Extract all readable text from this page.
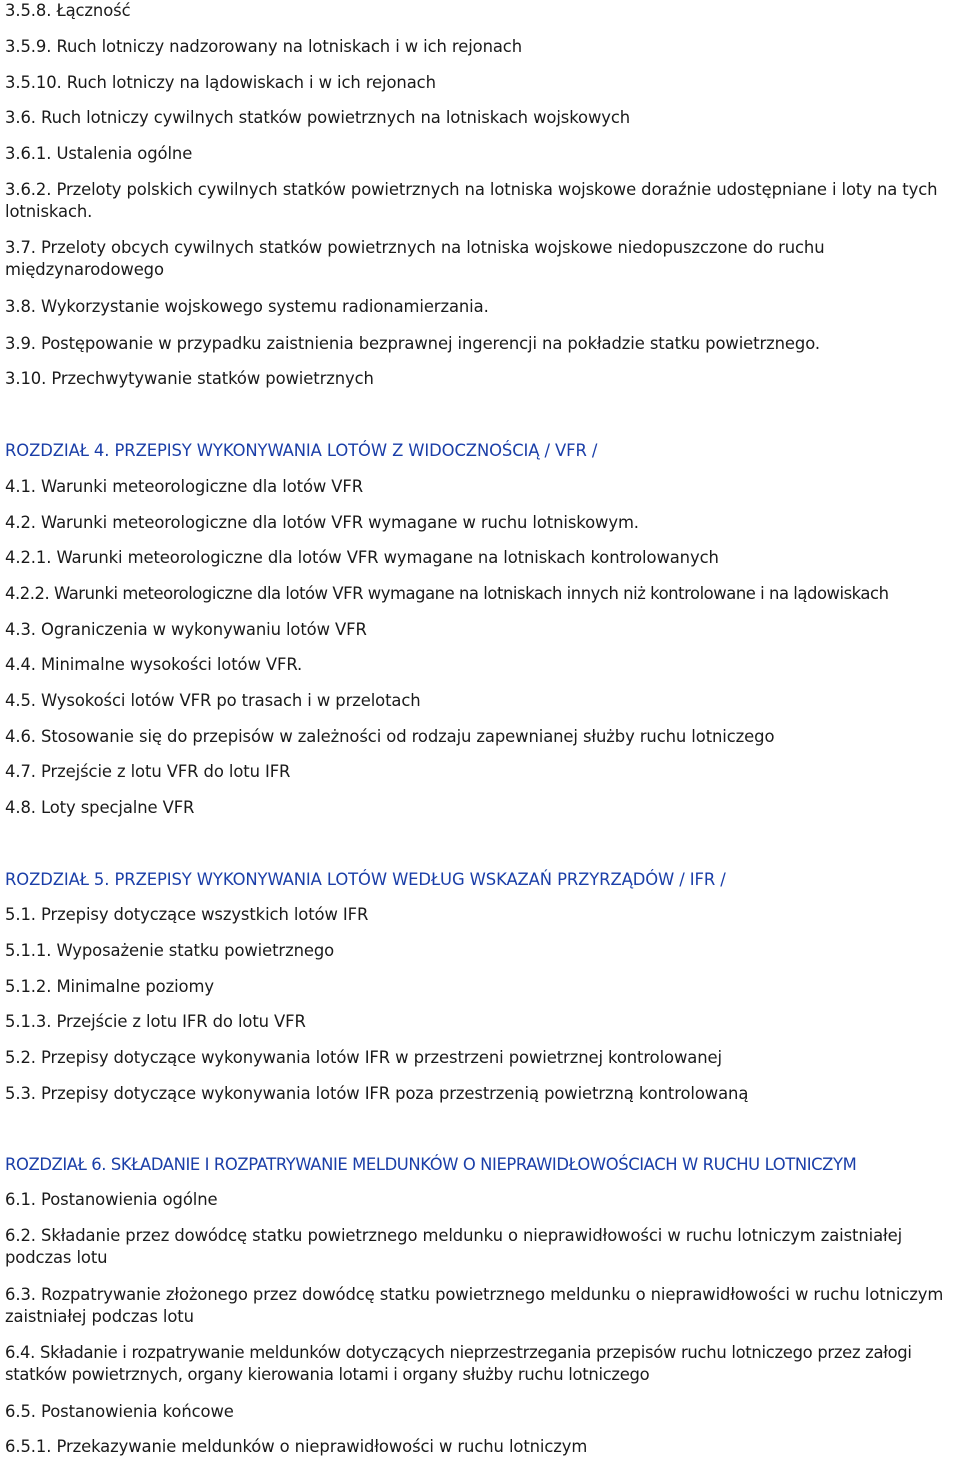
3.5.8. Łączność
3.5.9. Ruch lotniczy nadzorowany na lotniskach i w ich rejonach
3.5.10. Ruch lotniczy na lądowiskach i w ich rejonach
3.6. Ruch lotniczy cywilnych statków powietrznych na lotniskach wojskowych
3.6.1. Ustalenia ogólne
3.6.2. Przeloty polskich cywilnych statków powietrznych na lotniska wojskowe doraźnie udostępniane i loty na tych lotniskach.
3.7. Przeloty obcych cywilnych statków powietrznych na lotniska wojskowe niedopuszczone do ruchu międzynarodowego
3.8. Wykorzystanie wojskowego systemu radionamierzania.
3.9. Postępowanie w przypadku zaistnienia bezprawnej ingerencji na pokładzie statku powietrznego.
3.10. Przechwytywanie statków powietrznych
ROZDZIAŁ 4. PRZEPISY WYKONYWANIA LOTÓW Z WIDOCZNOŚCIĄ / VFR /
4.1. Warunki meteorologiczne dla lotów VFR
4.2. Warunki meteorologiczne dla lotów VFR wymagane w ruchu lotniskowym.
4.2.1. Warunki meteorologiczne dla lotów VFR wymagane na lotniskach kontrolowanych
4.2.2. Warunki meteorologiczne dla lotów VFR wymagane na lotniskach innych niż kontrolowane i na lądowiskach
4.3. Ograniczenia w wykonywaniu lotów VFR
4.4. Minimalne wysokości lotów VFR.
4.5. Wysokości lotów VFR po trasach i w przelotach
4.6. Stosowanie się do przepisów w zależności od rodzaju zapewnianej służby ruchu lotniczego
4.7. Przejście z lotu VFR do lotu IFR
4.8. Loty specjalne VFR
ROZDZIAŁ 5. PRZEPISY WYKONYWANIA LOTÓW WEDŁUG WSKAZAŃ PRZYRZĄDÓW / IFR /
5.1. Przepisy dotyczące wszystkich lotów IFR
5.1.1. Wyposażenie statku powietrznego
5.1.2. Minimalne poziomy
5.1.3. Przejście z lotu IFR do lotu VFR
5.2. Przepisy dotyczące wykonywania lotów IFR w przestrzeni powietrznej kontrolowanej
5.3. Przepisy dotyczące wykonywania lotów IFR poza przestrzenią powietrzną kontrolowaną
ROZDZIAŁ 6. SKŁADANIE I ROZPATRYWANIE MELDUNKÓW O NIEPRAWIDŁOWOŚCIACH W RUCHU LOTNICZYM
6.1. Postanowienia ogólne
6.2. Składanie przez dowódcę statku powietrznego meldunku o nieprawidłowości w ruchu lotniczym zaistniałej podczas lotu
6.3. Rozpatrywanie złożonego przez dowódcę statku powietrznego meldunku o nieprawidłowości w ruchu lotniczym zaistniałej podczas lotu
6.4. Składanie i rozpatrywanie meldunków dotyczących nieprzestrzegania przepisów ruchu lotniczego przez załogi statków powietrznych, organy kierowania lotami i organy służby ruchu lotniczego
6.5. Postanowienia końcowe
6.5.1. Przekazywanie meldunków o nieprawidłowości w ruchu lotniczym
